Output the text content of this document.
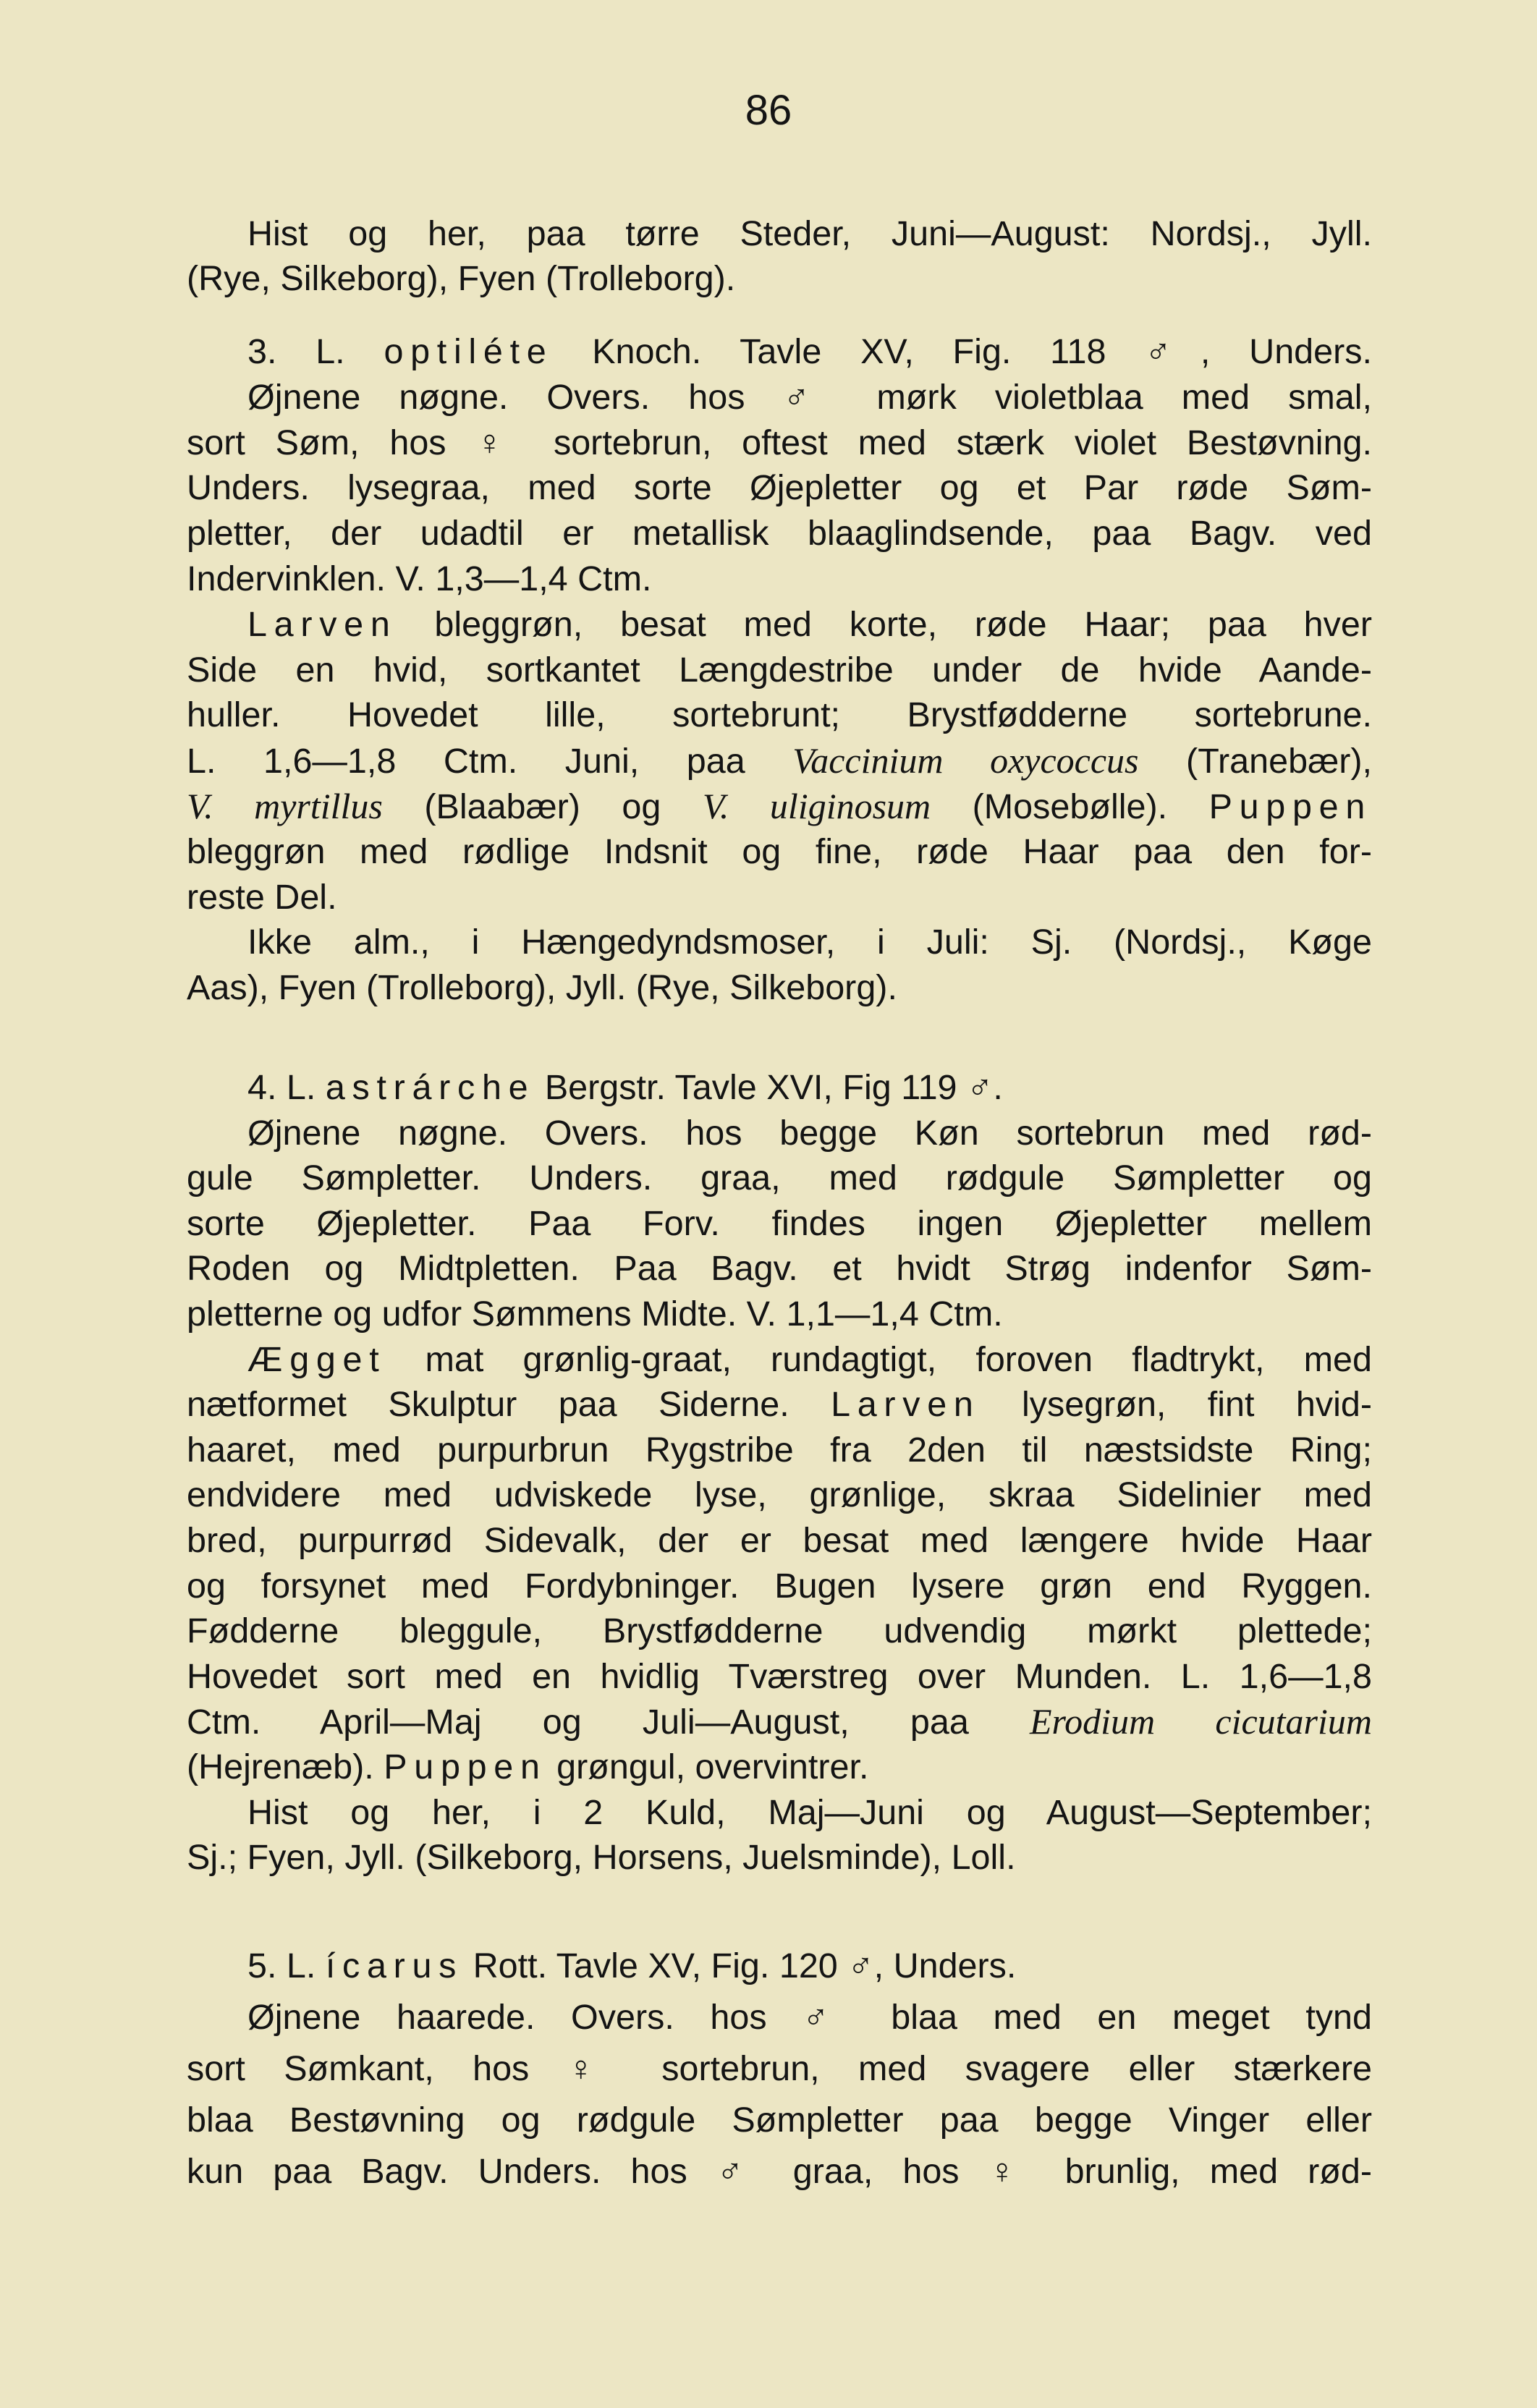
86
Hist og her, paa tørre Steder, Juni—August: Nordsj., Jyll.
(Rye, Silkeborg), Fyen (Trolleborg).
3. L. optiléte Knoch. Tavle XV, Fig. 118 ♂, Unders.
Øjnene nøgne. Overs. hos ♂ mørk violetblaa med smal,
sort Søm, hos ♀ sortebrun, oftest med stærk violet Bestøvning.
Unders. lysegraa, med sorte Øjepletter og et Par røde Søm-
pletter, der udadtil er metallisk blaaglindsende, paa Bagv. ved
Indervinklen. V. 1,3—1,4 Ctm.
Larven bleggrøn, besat med korte, røde Haar; paa hver
Side en hvid, sortkantet Længdestribe under de hvide Aande-
huller. Hovedet lille, sortebrunt; Brystfødderne sortebrune.
L. 1,6—1,8 Ctm. Juni, paa Vaccinium oxycoccus (Tranebær),
V. myrtillus (Blaabær) og V. uliginosum (Mosebølle). Puppen
bleggrøn med rødlige Indsnit og fine, røde Haar paa den for-
reste Del.
Ikke alm., i Hængedyndsmoser, i Juli: Sj. (Nordsj., Køge
Aas), Fyen (Trolleborg), Jyll. (Rye, Silkeborg).
4. L. astrárche Bergstr. Tavle XVI, Fig 119 ♂.
Øjnene nøgne. Overs. hos begge Køn sortebrun med rød-
gule Sømpletter. Unders. graa, med rødgule Sømpletter og
sorte Øjepletter. Paa Forv. findes ingen Øjepletter mellem
Roden og Midtpletten. Paa Bagv. et hvidt Strøg indenfor Søm-
pletterne og udfor Sømmens Midte. V. 1,1—1,4 Ctm.
Ægget mat grønlig-graat, rundagtigt, foroven fladtrykt, med
nætformet Skulptur paa Siderne. Larven lysegrøn, fint hvid-
haaret, med purpurbrun Rygstribe fra 2den til næstsidste Ring;
endvidere med udviskede lyse, grønlige, skraa Sidelinier med
bred, purpurrød Sidevalk, der er besat med længere hvide Haar
og forsynet med Fordybninger. Bugen lysere grøn end Ryggen.
Fødderne bleggule, Brystfødderne udvendig mørkt plettede;
Hovedet sort med en hvidlig Tværstreg over Munden. L. 1,6—1,8
Ctm. April—Maj og Juli—August, paa Erodium cicutarium
(Hejrenæb). Puppen grøngul, overvintrer.
Hist og her, i 2 Kuld, Maj—Juni og August—September;
Sj.; Fyen, Jyll. (Silkeborg, Horsens, Juelsminde), Loll.
5. L. ícarus Rott. Tavle XV, Fig. 120 ♂, Unders.
Øjnene haarede. Overs. hos ♂ blaa med en meget tynd
sort Sømkant, hos ♀ sortebrun, med svagere eller stærkere
blaa Bestøvning og rødgule Sømpletter paa begge Vinger eller
kun paa Bagv. Unders. hos ♂ graa, hos ♀ brunlig, med rød-
